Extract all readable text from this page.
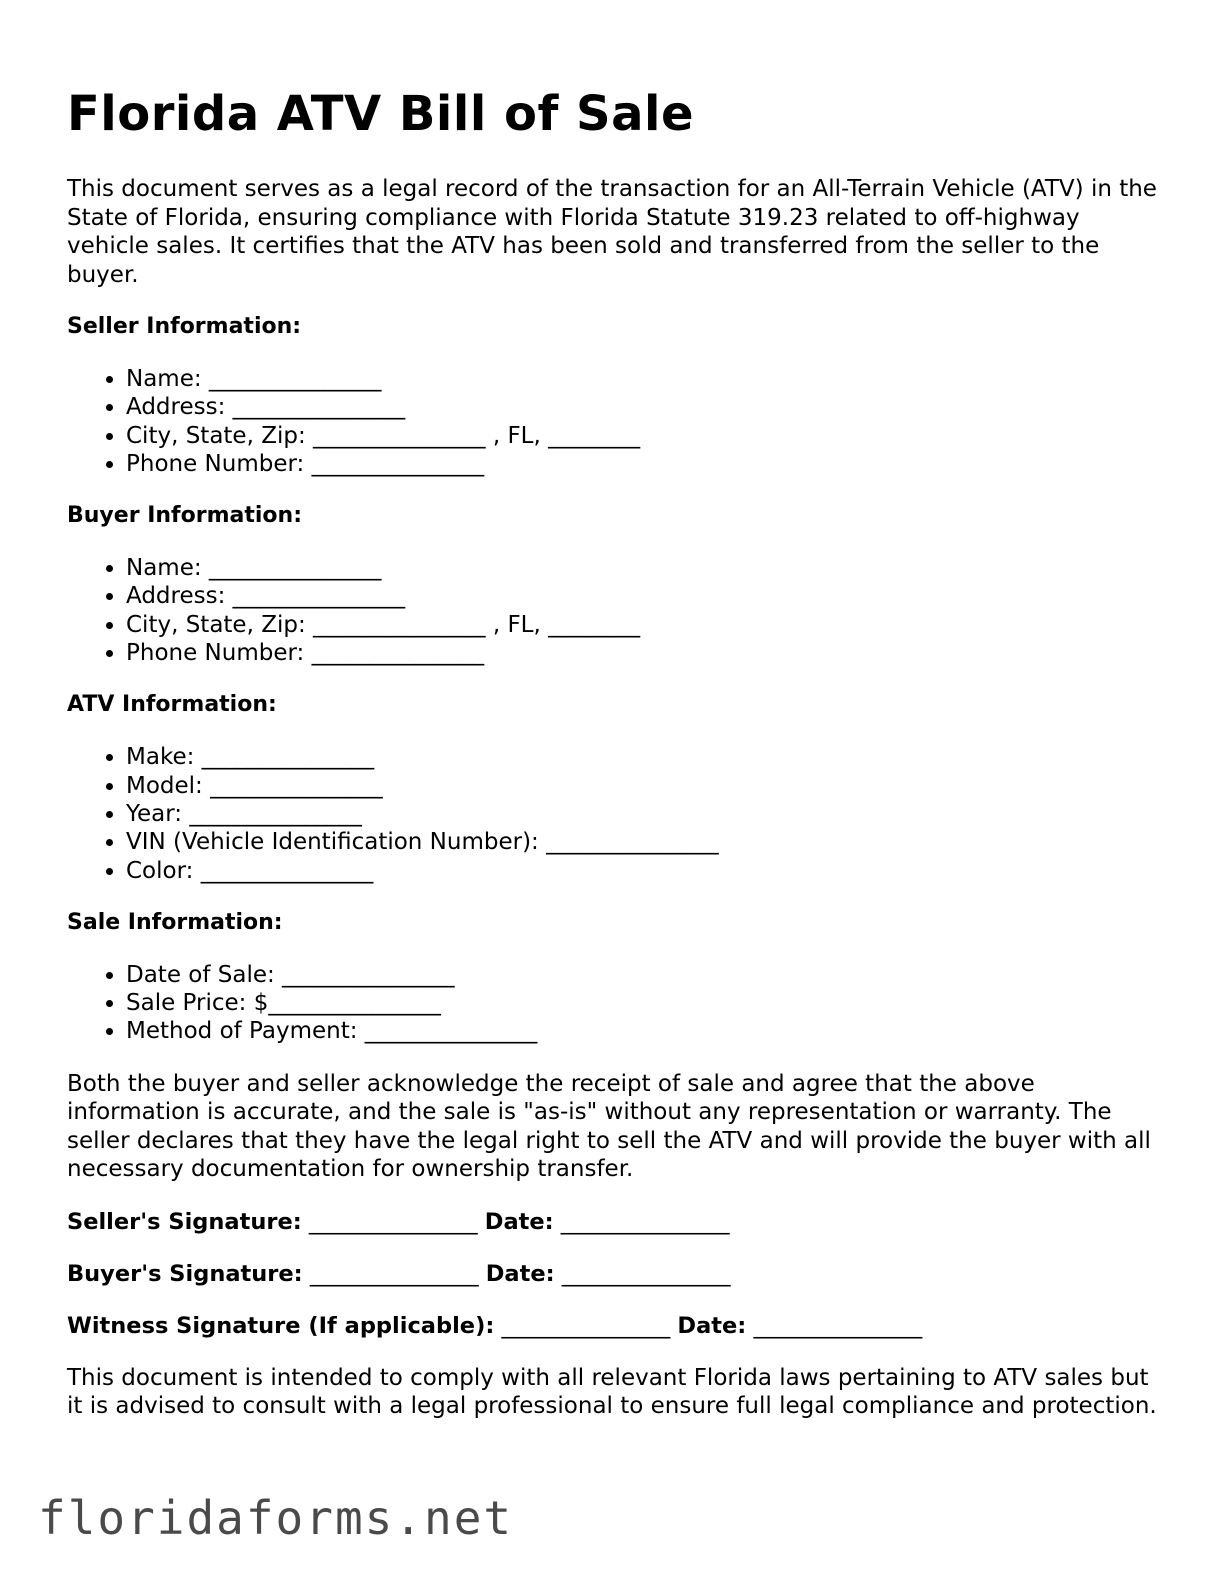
Florida ATV Bill of Sale

This document serves as a legal record of the transaction for an All-Terrain Vehicle (ATV) in the State of Florida, ensuring compliance with Florida Statute 319.23 related to off-highway vehicle sales. It certifies that the ATV has been sold and transferred from the seller to the buyer.

Seller Information:
• Name: _______________
• Address: _______________
• City, State, Zip: _______________ , FL, ________
• Phone Number: _______________
Buyer Information:
• Name: _______________
• Address: _______________
• City, State, Zip: _______________ , FL, ________
• Phone Number: _______________
ATV Information:
• Make: _______________
• Model: _______________
• Year: _______________
• VIN (Vehicle Identification Number): _______________
• Color: _______________
Sale Information:
• Date of Sale: _______________
• Sale Price: $_______________
• Method of Payment: _______________

Both the buyer and seller acknowledge the receipt of sale and agree that the above information is accurate, and the sale is "as-is" without any representation or warranty. The seller declares that they have the legal right to sell the ATV and will provide the buyer with all necessary documentation for ownership transfer.

Seller's Signature: _______________ Date: _______________
Buyer's Signature: _______________ Date: _______________
Witness Signature (If applicable): _______________ Date: _______________

This document is intended to comply with all relevant Florida laws pertaining to ATV sales but it is advised to consult with a legal professional to ensure full legal compliance and protection.

floridaforms.net
